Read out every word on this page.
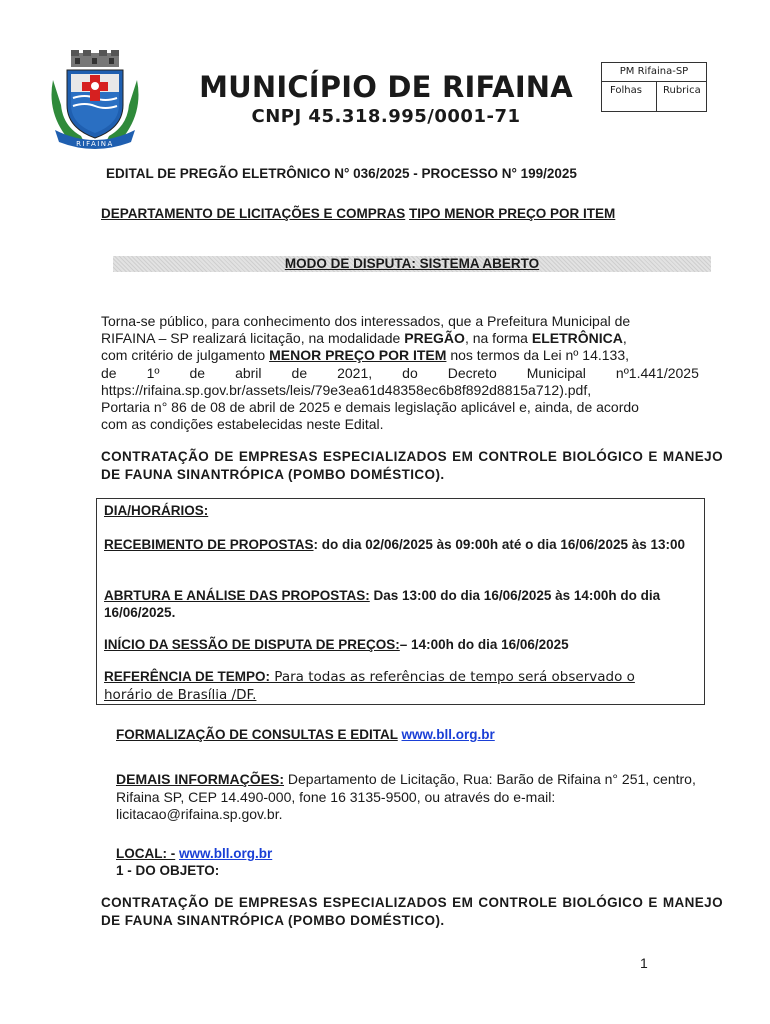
RIFAINA
MUNICÍPIO DE RIFAINA
CNPJ 45.318.995/0001-71
PM Rifaina-SP
Folhas	Rubrica
EDITAL DE PREGÃO ELETRÔNICO N° 036/2025 - PROCESSO N° 199/2025
DEPARTAMENTO DE LICITAÇÕES E COMPRAS TIPO MENOR PREÇO POR ITEM
MODO DE DISPUTA: SISTEMA ABERTO
Torna-se público, para conhecimento dos interessados, que a Prefeitura Municipal de
RIFAINA – SP realizará licitação, na modalidade PREGÃO, na forma ELETRÔNICA,
com critério de julgamento MENOR PREÇO POR ITEM nos termos da Lei nº 14.133,
de 1º de abril de 2021, do Decreto Municipal nº1.441/2025
https://rifaina.sp.gov.br/assets/leis/79e3ea61d48358ec6b8f892d8815a712).pdf,
Portaria n° 86 de 08 de abril de 2025 e demais legislação aplicável e, ainda, de acordo
com as condições estabelecidas neste Edital.
CONTRATAÇÃO DE EMPRESAS ESPECIALIZADOS EM CONTROLE BIOLÓGICO E MANEJO DE FAUNA SINANTRÓPICA (POMBO DOMÉSTICO).
DIA/HORÁRIOS:
RECEBIMENTO DE PROPOSTAS: do dia 02/06/2025 às 09:00h até o dia 16/06/2025 às 13:00
ABRTURA E ANÁLISE DAS PROPOSTAS: Das 13:00 do dia 16/06/2025 às 14:00h do dia 16/06/2025.
INÍCIO DA SESSÃO DE DISPUTA DE PREÇOS:– 14:00h do dia 16/06/2025
REFERÊNCIA DE TEMPO: Para todas as referências de tempo será observado o horário de Brasília /DF.
FORMALIZAÇÃO DE CONSULTAS E EDITAL www.bll.org.br
DEMAIS INFORMAÇÕES: Departamento de Licitação, Rua: Barão de Rifaina n° 251, centro, Rifaina SP, CEP 14.490-000, fone 16 3135-9500, ou através do e-mail: licitacao@rifaina.sp.gov.br.
LOCAL: - www.bll.org.br
1 - DO OBJETO:
CONTRATAÇÃO DE EMPRESAS ESPECIALIZADOS EM CONTROLE BIOLÓGICO E MANEJO DE FAUNA SINANTRÓPICA (POMBO DOMÉSTICO).
1
